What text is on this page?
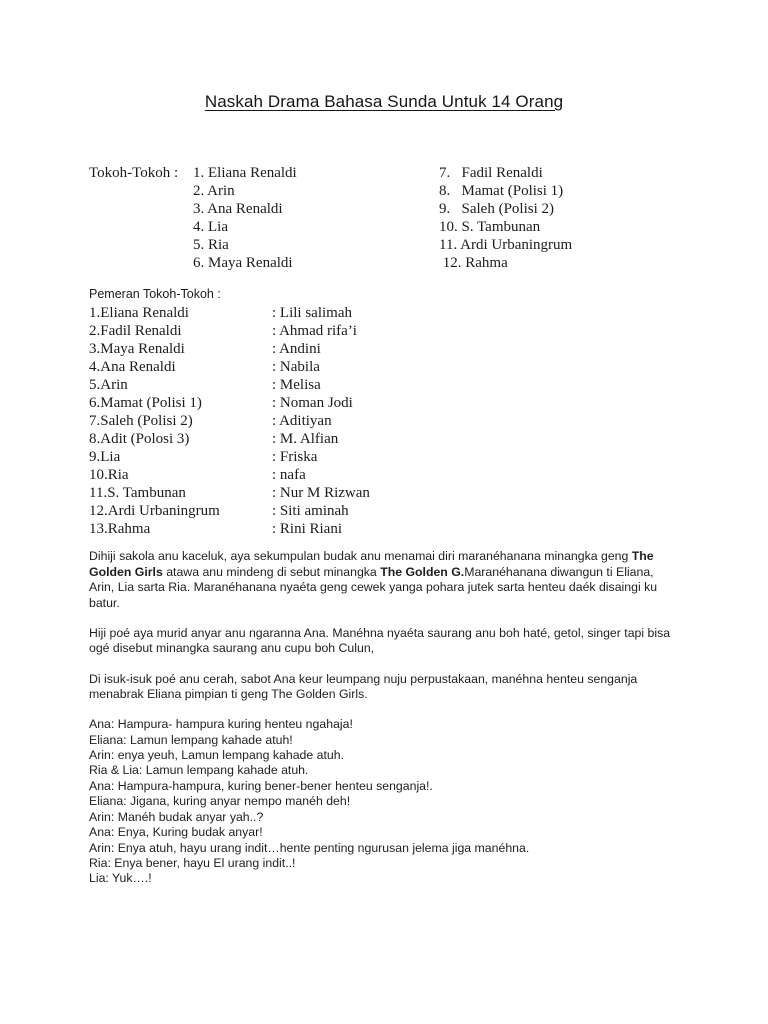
Naskah Drama Bahasa Sunda Untuk 14 Orang
Tokoh-Tokoh : 1. Eliana Renaldi
2. Arin
3. Ana Renaldi
4. Lia
5. Ria
6. Maya Renaldi
7.   Fadil Renaldi
8.   Mamat (Polisi 1)
9.   Saleh (Polisi 2)
10. S. Tambunan
11. Ardi Urbaningrum
12. Rahma
Pemeran Tokoh-Tokoh :

1.Eliana Renaldi

	: Lili salimah

2.Fadil Renaldi

	: Ahmad rifa’i

3.Maya Renaldi

	: Andini

4.Ana Renaldi

	: Nabila

5.Arin

	: Melisa

6.Mamat (Polisi 1)

	: Noman Jodi

7.Saleh (Polisi 2)

	: Aditiyan

8.Adit (Polosi 3)

	: M. Alfian

9.Lia

	: Friska

10.Ria

	: nafa

11.S. Tambunan

	: Nur M Rizwan

12.Ardi Urbaningrum

	: Siti aminah

13.Rahma

	: Rini Riani

Dihiji sakola anu kaceluk, aya sekumpulan budak anu menamai diri maranéhanana minangka geng The Golden Girls atawa anu mindeng di sebut minangka The Golden G.Maranéhanana diwangun ti Eliana, Arin, Lia sarta Ria. Maranéhanana nyaéta geng cewek yanga pohara jutek sarta henteu daék disaingi ku batur.

Hiji poé aya murid anyar anu ngaranna Ana. Manéhna nyaéta saurang anu boh haté, getol, singer tapi bisa ogé disebut minangka saurang anu cupu boh Culun,

Di isuk-isuk poé anu cerah, sabot Ana keur leumpang nuju perpustakaan, manéhna henteu senganja menabrak Eliana pimpian ti geng The Golden Girls.

Ana: Hampura- hampura kuring henteu ngahaja!
Eliana: Lamun lempang kahade atuh!
Arin: enya yeuh, Lamun lempang kahade atuh.
Ria & Lia: Lamun lempang kahade atuh.
Ana: Hampura-hampura, kuring bener-bener henteu senganja!.
Eliana: Jigana, kuring anyar nempo manéh deh!
Arin: Manéh budak anyar yah..?
Ana: Enya, Kuring budak anyar!
Arin: Enya atuh, hayu urang indit…hente penting ngurusan jelema jiga manéhna.
Ria: Enya bener, hayu El urang indit..!
Lia: Yuk….!
